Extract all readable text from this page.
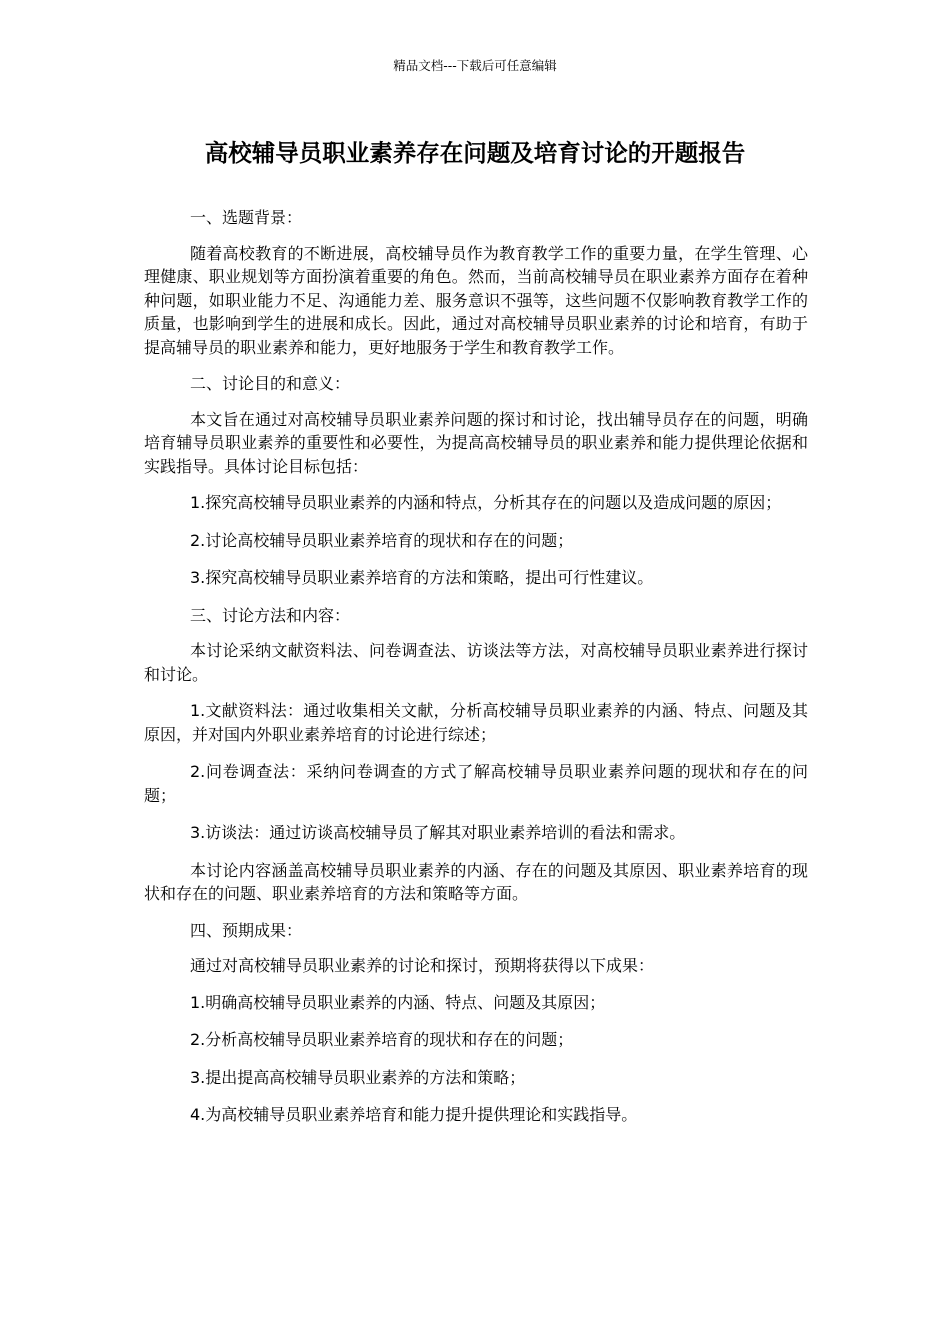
精品文档---下载后可任意编辑
高校辅导员职业素养存在问题及培育讨论的开题报告

一、选题背景：

随着高校教育的不断进展，高校辅导员作为教育教学工作的重要力量，在学生管理、心理健康、职业规划等方面扮演着重要的角色。然而，当前高校辅导员在职业素养方面存在着种种问题，如职业能力不足、沟通能力差、服务意识不强等，这些问题不仅影响教育教学工作的质量，也影响到学生的进展和成长。因此，通过对高校辅导员职业素养的讨论和培育，有助于提高辅导员的职业素养和能力，更好地服务于学生和教育教学工作。

二、讨论目的和意义：

本文旨在通过对高校辅导员职业素养问题的探讨和讨论，找出辅导员存在的问题，明确培育辅导员职业素养的重要性和必要性，为提高高校辅导员的职业素养和能力提供理论依据和实践指导。具体讨论目标包括：

1.探究高校辅导员职业素养的内涵和特点，分析其存在的问题以及造成问题的原因；

2.讨论高校辅导员职业素养培育的现状和存在的问题；

3.探究高校辅导员职业素养培育的方法和策略，提出可行性建议。

三、讨论方法和内容：

本讨论采纳文献资料法、问卷调查法、访谈法等方法，对高校辅导员职业素养进行探讨和讨论。

1.文献资料法：通过收集相关文献，分析高校辅导员职业素养的内涵、特点、问题及其原因，并对国内外职业素养培育的讨论进行综述；

2.问卷调查法：采纳问卷调查的方式了解高校辅导员职业素养问题的现状和存在的问题；

3.访谈法：通过访谈高校辅导员了解其对职业素养培训的看法和需求。

本讨论内容涵盖高校辅导员职业素养的内涵、存在的问题及其原因、职业素养培育的现状和存在的问题、职业素养培育的方法和策略等方面。

四、预期成果：

通过对高校辅导员职业素养的讨论和探讨，预期将获得以下成果：

1.明确高校辅导员职业素养的内涵、特点、问题及其原因；

2.分析高校辅导员职业素养培育的现状和存在的问题；

3.提出提高高校辅导员职业素养的方法和策略；

4.为高校辅导员职业素养培育和能力提升提供理论和实践指导。
